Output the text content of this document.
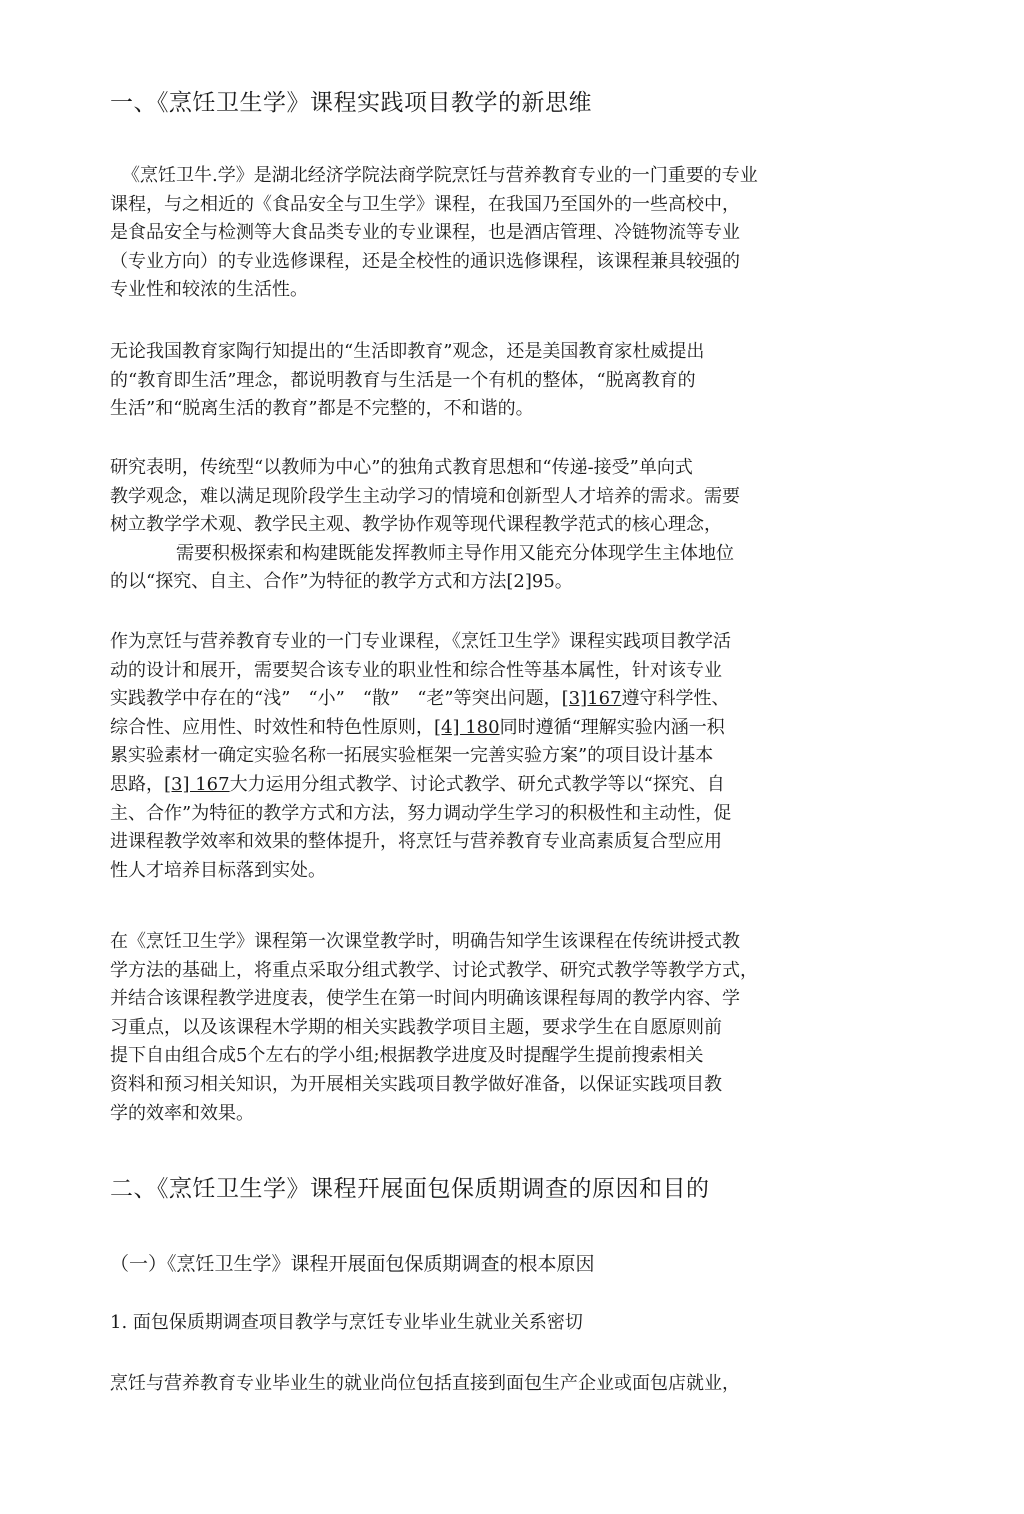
一、《烹饪卫生学》课程实践项目教学的新思维
《烹饪卫牛.学》是湖北经济学院法商学院烹饪与营养教育专业的一门重要的专业
课程，与之相近的《食品安全与卫生学》课程，在我国乃至国外的一些高校中，
是食品安全与检测等大食品类专业的专业课程，也是酒店管理、冷链物流等专业
（专业方向）的专业选修课程，还是全校性的通识选修课程，该课程兼具较强的
专业性和较浓的生活性。
无论我国教育家陶行知提出的“生活即教育”观念，还是美国教育家杜威提出
的“教育即生活”理念，都说明教育与生活是一个有机的整体，“脱离教育的
生活”和“脱离生活的教育”都是不完整的，不和谐的。
研究表明，传统型“以教师为中心”的独角式教育思想和“传递-接受”单向式
教学观念，难以满足现阶段学生主动学习的情境和创新型人才培养的需求。需要
树立教学学术观、教学民主观、教学协作观等现代课程教学范式的核心理念，
需要积极探索和构建既能发挥教师主导作用又能充分体现学生主体地位
的以“探究、自主、合作”为特征的教学方式和方法[2]95。
作为烹饪与营养教育专业的一门专业课程，《烹饪卫生学》课程实践项目教学活
动的设计和展开，需要契合该专业的职业性和综合性等基本属性，针对该专业
实践教学中存在的“浅”　“小”　“散”　“老”等突出问题，[3]167遵守科学性、
综合性、应用性、时效性和特色性原则，[4] 180同时遵循“理解实验内涵一积
累实验素材一确定实验名称一拓展实验框架一完善实验方案”的项目设计基本
思路，[3] 167大力运用分组式教学、讨论式教学、研允式教学等以“探究、自
主、合作”为特征的教学方式和方法，努力调动学生学习的积极性和主动性，促
进课程教学效率和效果的整体提升，将烹饪与营养教育专业高素质复合型应用
性人才培养目标落到实处。
在《烹饪卫生学》课程第一次课堂教学时，明确告知学生该课程在传统讲授式教
学方法的基础上，将重点采取分组式教学、讨论式教学、研究式教学等教学方式，
并结合该课程教学进度表，使学生在第一时间内明确该课程每周的教学内容、学
习重点，以及该课程木学期的相关实践教学项目主题，要求学生在自愿原则前
提下自由组合成5个左右的学小组;根据教学进度及时提醒学生提前搜索相关
资料和预习相关知识，为开展相关实践项目教学做好准备，以保证实践项目教
学的效率和效果。
二、《烹饪卫生学》课程幵展面包保质期调查的原因和目的
（一）《烹饪卫生学》课程开展面包保质期调查的根本原因
1. 面包保质期调查项目教学与烹饪专业毕业生就业关系密切
烹饪与营养教育专业毕业生的就业尚位包括直接到面包生产企业或面包店就业，
